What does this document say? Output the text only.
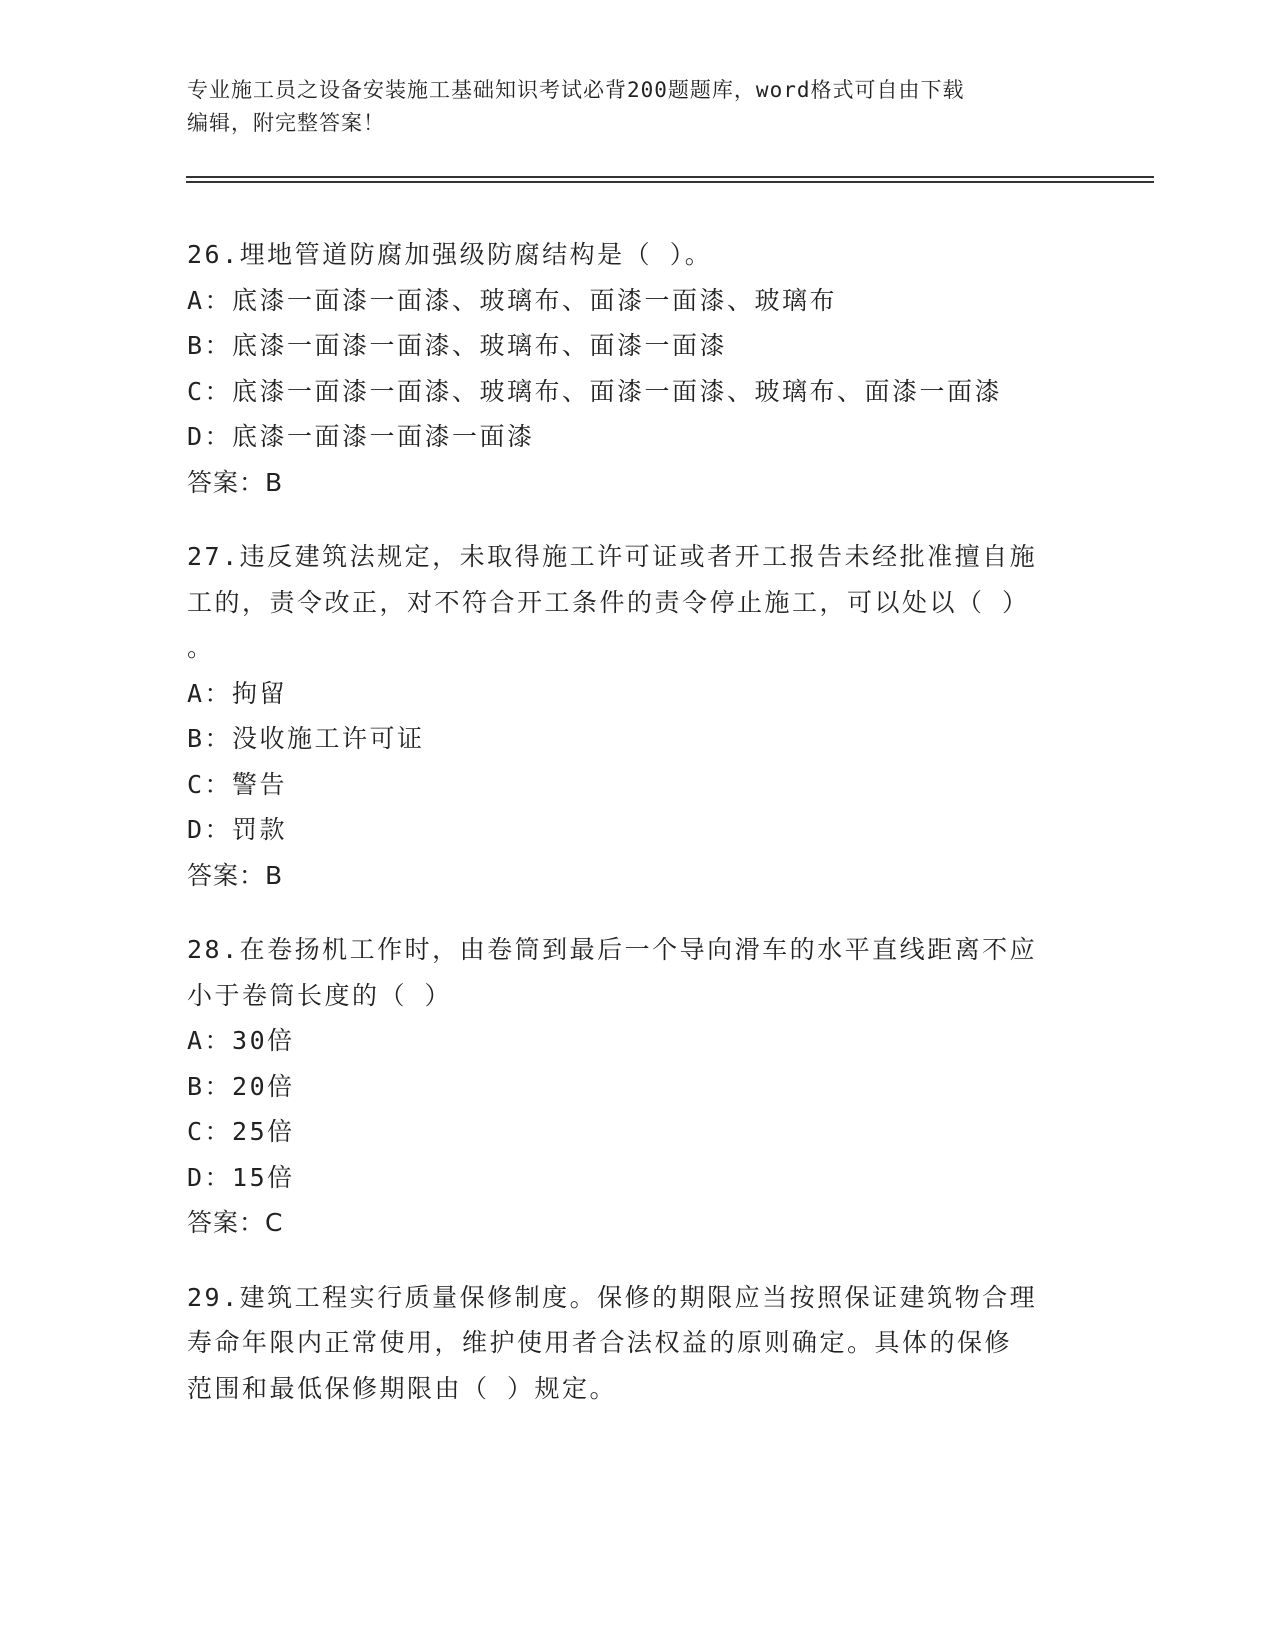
专业施工员之设备安装施工基础知识考试必背200题题库，word格式可自由下载
编辑，附完整答案！

26.埋地管道防腐加强级防腐结构是（ ）。

A：底漆一面漆一面漆、玻璃布、面漆一面漆、玻璃布

B：底漆一面漆一面漆、玻璃布、面漆一面漆

C：底漆一面漆一面漆、玻璃布、面漆一面漆、玻璃布、面漆一面漆

D：底漆一面漆一面漆一面漆

答案：B

27.违反建筑法规定，未取得施工许可证或者开工报告未经批准擅自施

工的，责令改正，对不符合开工条件的责令停止施工，可以处以（ ）

。

A：拘留

B：没收施工许可证

C：警告

D：罚款

答案：B

28.在卷扬机工作时，由卷筒到最后一个导向滑车的水平直线距离不应

小于卷筒长度的（ ）

A：30倍

B：20倍

C：25倍

D：15倍

答案：C

29.建筑工程实行质量保修制度。保修的期限应当按照保证建筑物合理

寿命年限内正常使用，维护使用者合法权益的原则确定。具体的保修

范围和最低保修期限由（ ）规定。
